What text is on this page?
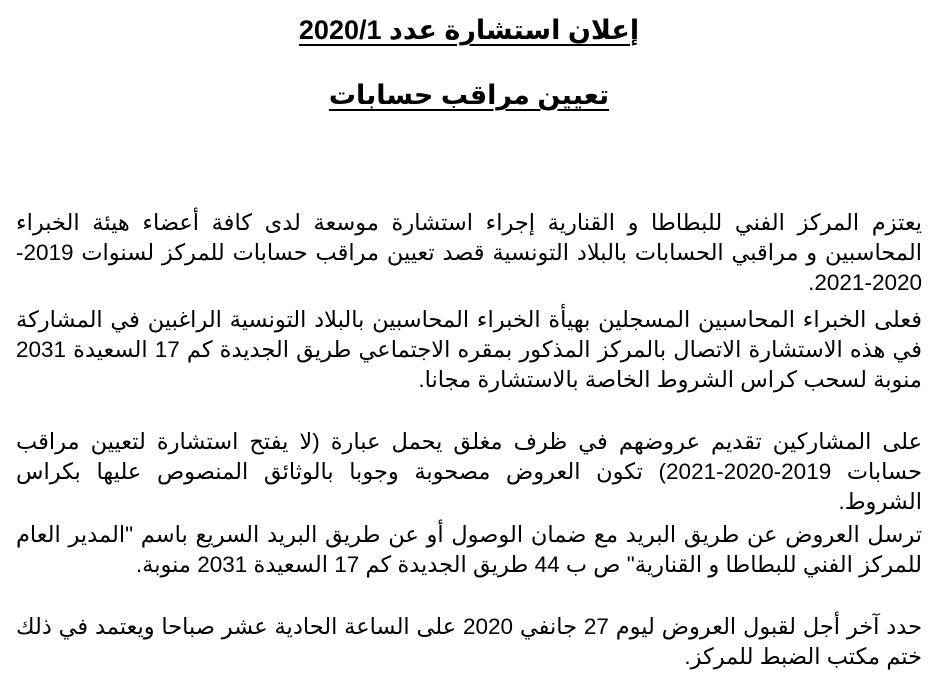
إعلان استشارة عدد 2020/1
تعيين مراقب حسابات

يعتزم المركز الفني للبطاطا و القنارية إجراء استشارة موسعة لدى كافة أعضاء هيئة الخبراء المحاسبين و مراقبي الحسابات بالبلاد التونسية قصد تعيين مراقب حسابات للمركز لسنوات 2019-2020-2021.

فعلى الخبراء المحاسبين المسجلين بهيأة الخبراء المحاسبين بالبلاد التونسية الراغبين في المشاركة في هذه الاستشارة الاتصال بالمركز المذكور بمقره الاجتماعي طريق الجديدة كم 17 السعيدة 2031 منوبة لسحب كراس الشروط الخاصة بالاستشارة مجانا.

على المشاركين تقديم عروضهم في ظرف مغلق يحمل عبارة (لا يفتح استشارة لتعيين مراقب حسابات 2019-2020-2021) تكون العروض مصحوبة وجوبا بالوثائق المنصوص عليها بكراس الشروط.

ترسل العروض عن طريق البريد مع ضمان الوصول أو عن طريق البريد السريع باسم "المدير العام للمركز الفني للبطاطا و القنارية" ص ب 44 طريق الجديدة كم 17 السعيدة 2031 منوبة.

حدد آخر أجل لقبول العروض ليوم 27 جانفي 2020 على الساعة الحادية عشر صباحا ويعتمد في ذلك ختم مكتب الضبط للمركز.
